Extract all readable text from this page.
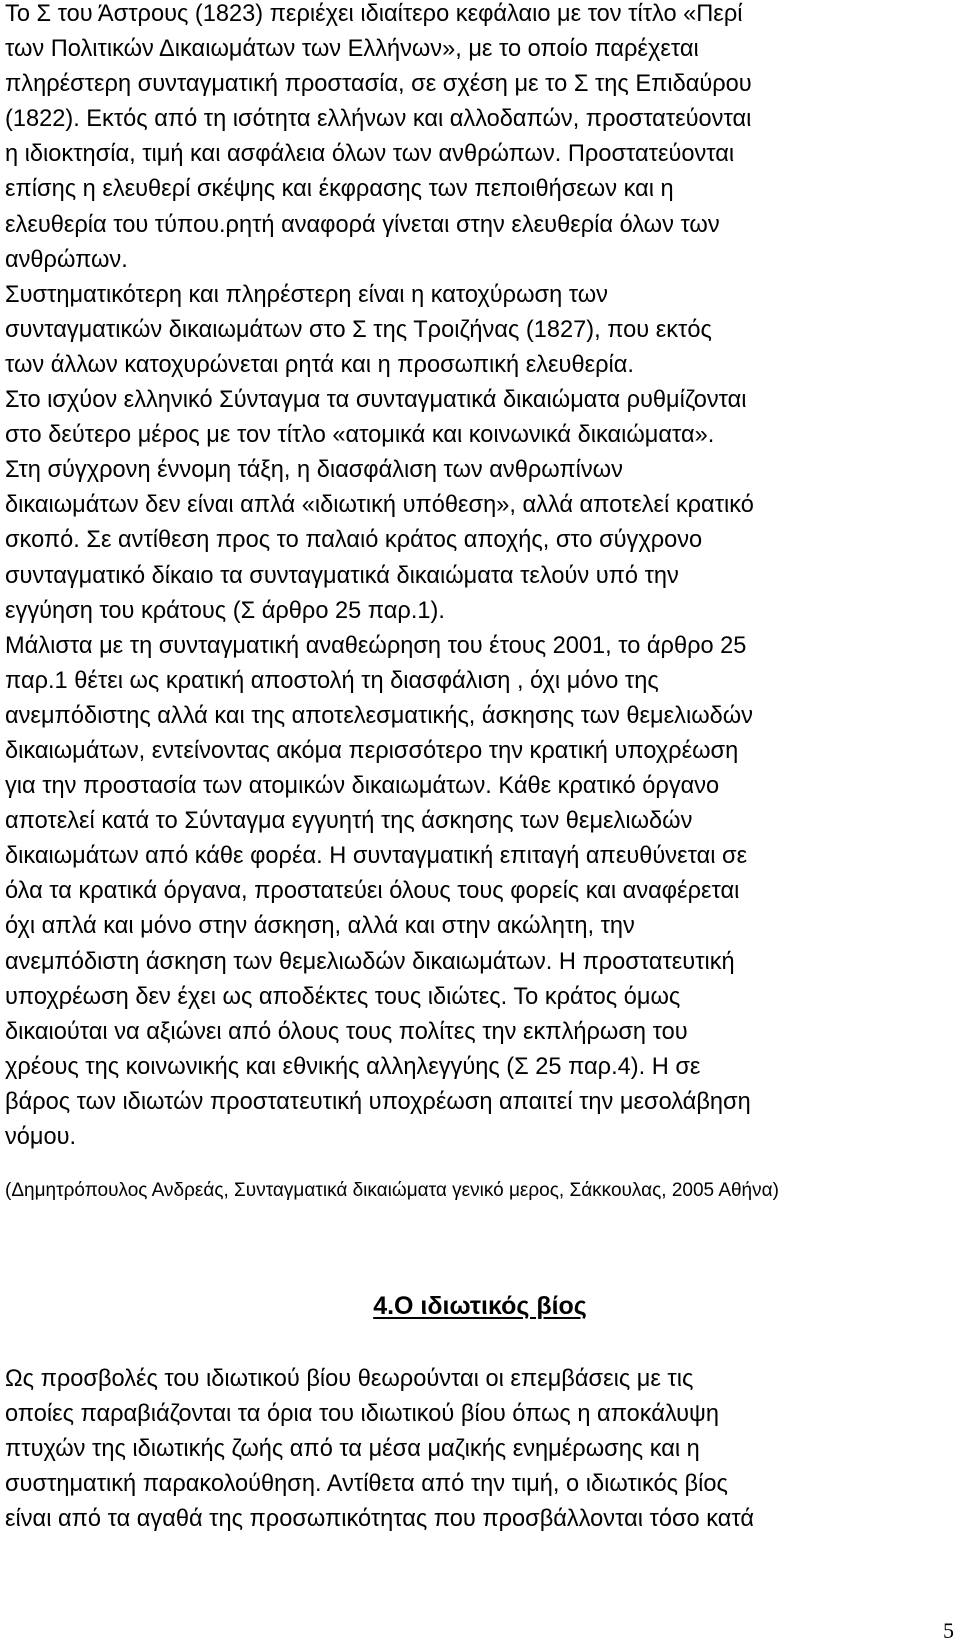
Το Σ του Άστρους (1823) περιέχει ιδιαίτερο κεφάλαιο με τον τίτλο «Περί
των Πολιτικών Δικαιωμάτων των Ελλήνων», με το οποίο παρέχεται
πληρέστερη συνταγματική προστασία, σε σχέση με το Σ της Επιδαύρου
(1822). Εκτός από τη ισότητα ελλήνων και αλλοδαπών, προστατεύονται
η ιδιοκτησία, τιμή και ασφάλεια όλων των ανθρώπων. Προστατεύονται
επίσης η ελευθερί σκέψης και έκφρασης των πεποιθήσεων και η
ελευθερία του τύπου.ρητή αναφορά γίνεται στην ελευθερία όλων των
ανθρώπων.
Συστηματικότερη και πληρέστερη είναι η κατοχύρωση των
συνταγματικών δικαιωμάτων στο Σ της Τροιζήνας (1827), που εκτός
των άλλων κατοχυρώνεται ρητά και η προσωπική ελευθερία.
Στο ισχύον ελληνικό Σύνταγμα τα συνταγματικά δικαιώματα ρυθμίζονται
στο δεύτερο μέρος με τον τίτλο «ατομικά και κοινωνικά δικαιώματα».
Στη σύγχρονη έννομη τάξη, η διασφάλιση των ανθρωπίνων
δικαιωμάτων δεν είναι απλά «ιδιωτική υπόθεση», αλλά αποτελεί κρατικό
σκοπό. Σε αντίθεση προς το παλαιό κράτος αποχής, στο σύγχρονο
συνταγματικό δίκαιο τα συνταγματικά δικαιώματα τελούν υπό την
εγγύηση του κράτους (Σ άρθρο 25 παρ.1).
Μάλιστα με τη συνταγματική αναθεώρηση του έτους 2001, το άρθρο 25
παρ.1 θέτει ως κρατική αποστολή τη διασφάλιση , όχι μόνο της
ανεμπόδιστης αλλά και της αποτελεσματικής, άσκησης των θεμελιωδών
δικαιωμάτων, εντείνοντας ακόμα περισσότερο την κρατική υποχρέωση
για την προστασία των ατομικών δικαιωμάτων. Κάθε κρατικό όργανο
αποτελεί κατά το Σύνταγμα εγγυητή της άσκησης των θεμελιωδών
δικαιωμάτων από κάθε φορέα. Η συνταγματική επιταγή απευθύνεται σε
όλα τα κρατικά όργανα, προστατεύει όλους τους φορείς και αναφέρεται
όχι απλά και μόνο στην άσκηση, αλλά και στην ακώλητη, την
ανεμπόδιστη άσκηση των θεμελιωδών δικαιωμάτων. Η προστατευτική
υποχρέωση δεν έχει ως αποδέκτες τους ιδιώτες. Το κράτος όμως
δικαιούται να αξιώνει από όλους τους πολίτες την εκπλήρωση του
χρέους της κοινωνικής και εθνικής αλληλεγγύης (Σ 25 παρ.4). Η σε
βάρος των ιδιωτών προστατευτική υποχρέωση απαιτεί την μεσολάβηση
νόμου.
(Δημητρόπουλος Ανδρεάς, Συνταγματικά δικαιώματα γενικό μερος, Σάκκουλας, 2005 Αθήνα)
4.Ο ιδιωτικός βίος
Ως προσβολές του ιδιωτικού βίου θεωρούνται οι επεμβάσεις με τις
οποίες παραβιάζονται τα όρια του ιδιωτικού βίου όπως η αποκάλυψη
πτυχών της ιδιωτικής ζωής από τα μέσα μαζικής ενημέρωσης και η
συστηματική παρακολούθηση. Αντίθετα από την τιμή, ο ιδιωτικός βίος
είναι από τα αγαθά της προσωπικότητας που προσβάλλονται τόσο κατά
5
